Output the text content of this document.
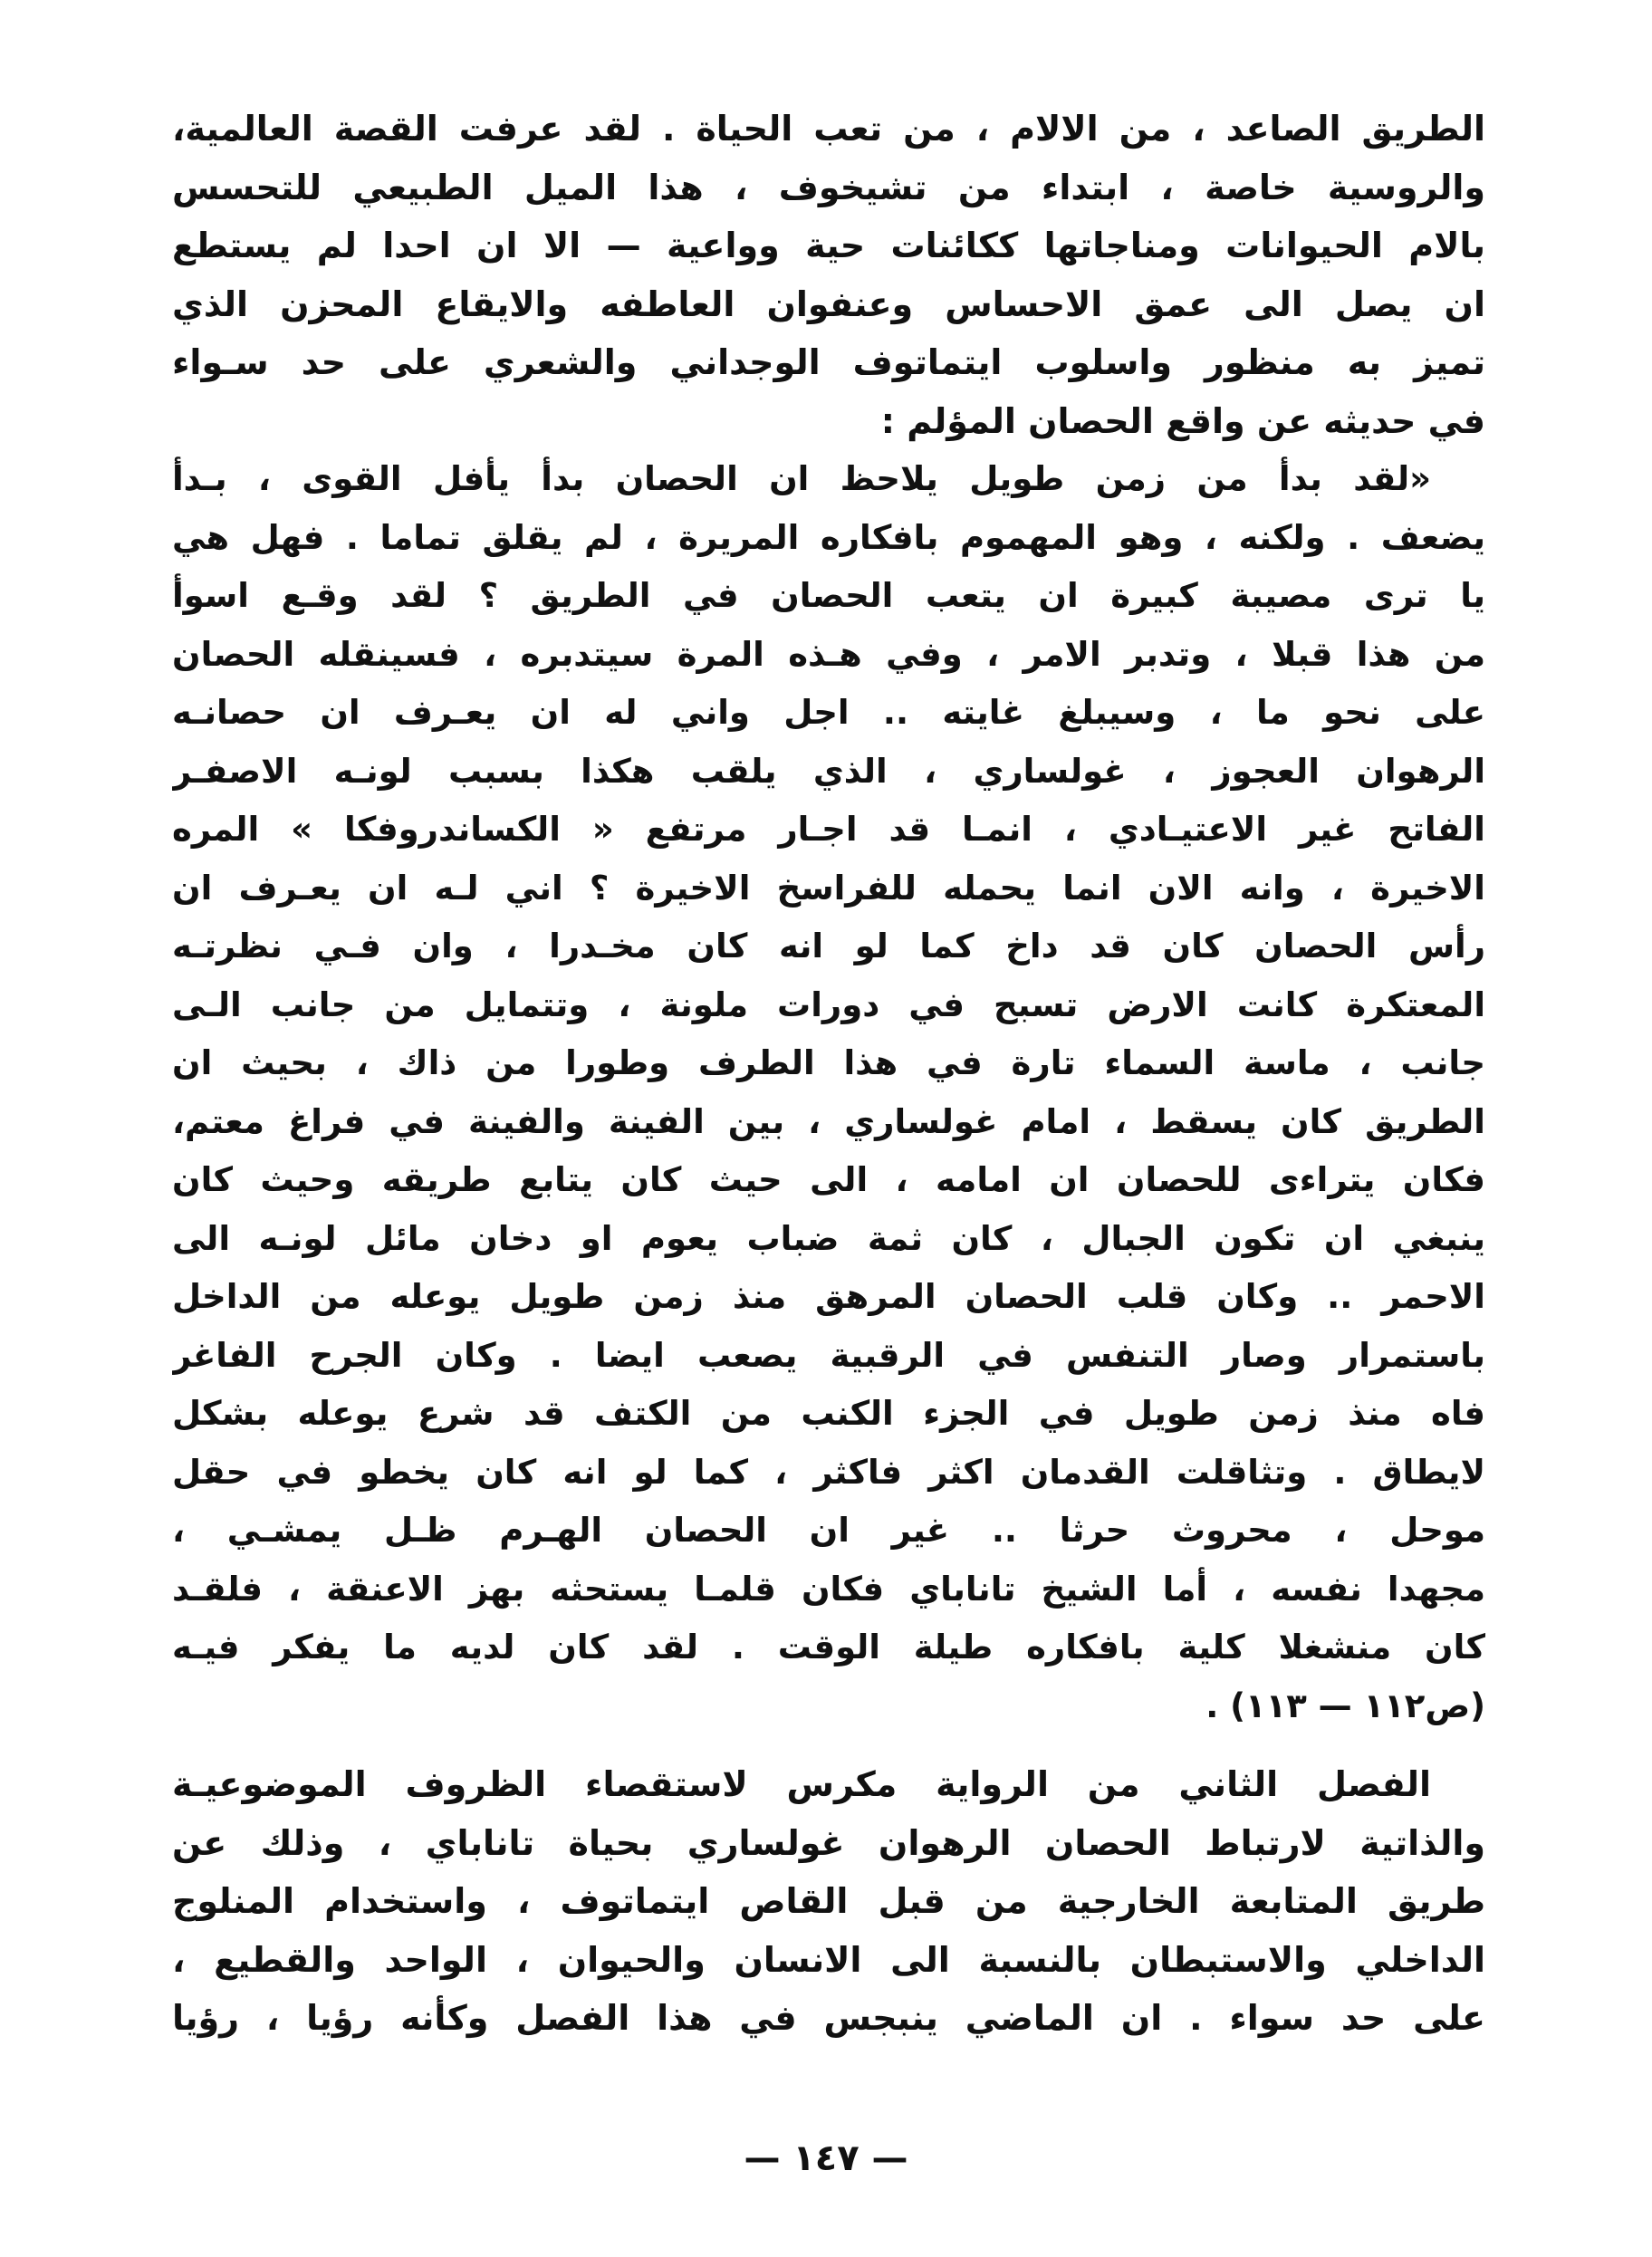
الطريق الصاعد ، من الالام ، من تعب الحياة . لقد عرفت القصة العالمية،
والروسية خاصة ، ابتداء من تشيخوف ، هذا الميل الطبيعي للتحسس
بالام الحيوانات ومناجاتها ككائنات حية وواعية — الا ان احدا لم يستطع
ان يصل الى عمق الاحساس وعنفوان العاطفه والايقاع المحزن الذي
تميز به منظور واسلوب ايتماتوف الوجداني والشعري على حد سـواء
في حديثه عن واقع الحصان المؤلم :
«لقد بدأ من زمن طويل يلاحظ ان الحصان بدأ يأفل القوى ، بـدأ
يضعف . ولكنه ، وهو المهموم بافكاره المريرة ، لم يقلق تماما . فهل هي
يا ترى مصيبة كبيرة ان يتعب الحصان في الطريق ؟ لقد وقـع اسوأ
من هذا قبلا ، وتدبر الامر ، وفي هـذه المرة سيتدبره ، فسينقله الحصان
على نحو ما ، وسيبلغ غايته .. اجل واني له ان يعـرف ان حصانـه
الرهوان العجوز ، غولساري ، الذي يلقب هكذا بسبب لونـه الاصفـر
الفاتح غير الاعتيـادي ، انمـا قد اجـار مرتفع « الكساندروفكا » المره
الاخيرة ، وانه الان انما يحمله للفراسخ الاخيرة ؟ اني لـه ان يعـرف ان
رأس الحصان كان قد داخ كما لو انه كان مخـدرا ، وان فـي نظرتـه
المعتكرة كانت الارض تسبح في دورات ملونة ، وتتمايل من جانب الـى
جانب ، ماسة السماء تارة في هذا الطرف وطورا من ذاك ، بحيث ان
الطريق كان يسقط ، امام غولساري ، بين الفينة والفينة في فراغ معتم،
فكان يتراءى للحصان ان امامه ، الى حيث كان يتابع طريقه وحيث كان
ينبغي ان تكون الجبال ، كان ثمة ضباب يعوم او دخان مائل لونـه الى
الاحمر .. وكان قلب الحصان المرهق منذ زمن طويل يوعله من الداخل
باستمرار وصار التنفس في الرقبية يصعب ايضا . وكان الجرح الفاغر
فاه منذ زمن طويل في الجزء الكنب من الكتف قد شرع يوعله بشكل
لايطاق . وتثاقلت القدمان اكثر فاكثر ، كما لو انه كان يخطو في حقل
موحل ، محروث حرثا .. غير ان الحصان الهـرم ظـل يمشـي ،
مجهدا نفسه ، أما الشيخ تاناباي فكان قلمـا يستحثه بهز الاعنقة ، فلقـد
كان منشغلا كلية بافكاره طيلة الوقت . لقد كان لديه ما يفكر فيـه
(ص١١٢ — ١١٣) .
الفصل الثاني من الرواية مكرس لاستقصاء الظروف الموضوعيـة
والذاتية لارتباط الحصان الرهوان غولساري بحياة تاناباي ، وذلك عن
طريق المتابعة الخارجية من قبل القاص ايتماتوف ، واستخدام المنلوج
الداخلي والاستبطان بالنسبة الى الانسان والحيوان ، الواحد والقطيع ،
على حد سواء . ان الماضي ينبجس في هذا الفصل وكأنه رؤيا ، رؤيا
— ١٤٧ —
